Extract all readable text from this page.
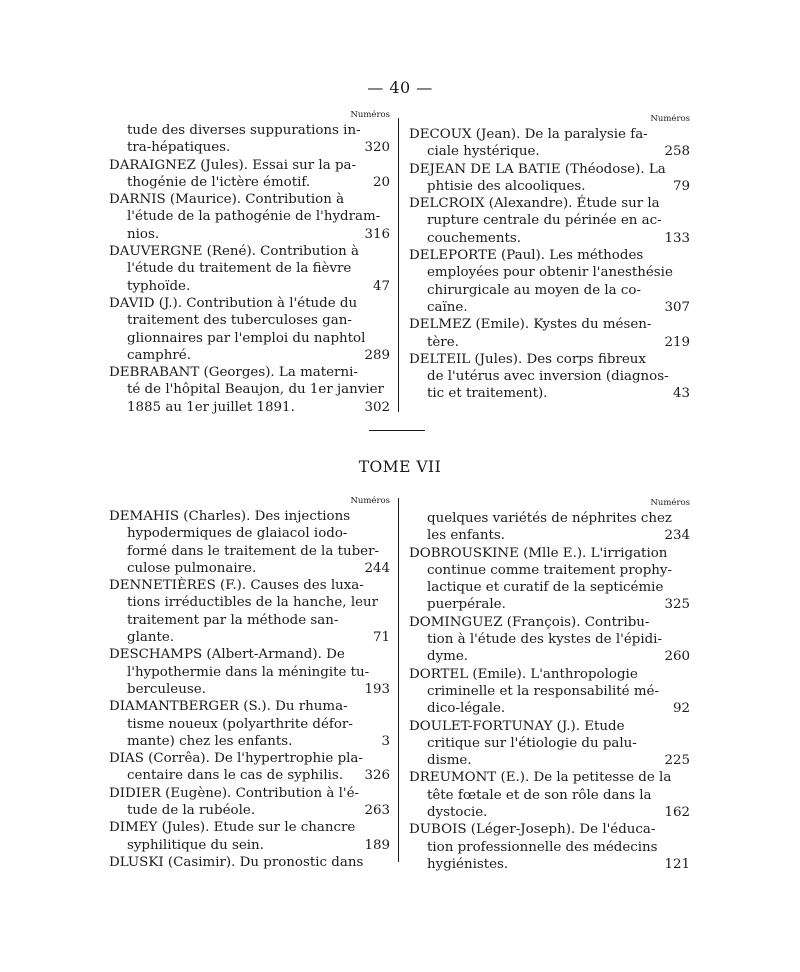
— 40 —
Numéros
tude des diverses suppurations in-
tra-hépatiques.	320
DARAIGNEZ (Jules). Essai sur la pa-
thogénie de l'ictère émotif.	20
DARNIS (Maurice). Contribution à
l'étude de la pathogénie de l'hydram-
nios.	316
DAUVERGNE (René). Contribution à
l'étude du traitement de la fièvre
typhoïde.	47
DAVID (J.). Contribution à l'étude du
traitement des tuberculoses gan-
glionnaires par l'emploi du naphtol
camphré.	289
DEBRABANT (Georges). La materni-
té de l'hôpital Beaujon, du 1er janvier
1885 au 1er juillet 1891.	302
Numéros
DECOUX (Jean). De la paralysie fa-
ciale hystérique.	258
DEJEAN DE LA BATIE (Théodose). La
phtisie des alcooliques.	79
DELCROIX (Alexandre). Étude sur la
rupture centrale du périnée en ac-
couchements.	133
DELEPORTE (Paul). Les méthodes
employées pour obtenir l'anesthésie
chirurgicale au moyen de la co-
caïne.	307
DELMEZ (Emile). Kystes du mésen-
tère.	219
DELTEIL (Jules). Des corps fibreux
de l'utérus avec inversion (diagnos-
tic et traitement).	43
TOME VII
Numéros
DEMAHIS (Charles). Des injections
hypodermiques de glaiacol iodo-
formé dans le traitement de la tuber-
culose pulmonaire.	244
DENNETIÈRES (F.). Causes des luxa-
tions irréductibles de la hanche, leur
traitement par la méthode san-
glante.	71
DESCHAMPS (Albert-Armand). De
l'hypothermie dans la méningite tu-
berculeuse.	193
DIAMANTBERGER (S.). Du rhuma-
tisme noueux (polyarthrite défor-
mante) chez les enfants.	3
DIAS (Corrêa). De l'hypertrophie pla-
centaire dans le cas de syphilis. 326
DIDIER (Eugène). Contribution à l'é-
tude de la rubéole.	263
DIMEY (Jules). Etude sur le chancre
syphilitique du sein.	189
DLUSKI (Casimir). Du pronostic dans
Numéros
quelques variétés de néphrites chez
les enfants.	234
DOBROUSKINE (Mlle E.). L'irrigation
continue comme traitement prophy-
lactique et curatif de la septicémie
puerpérale.	325
DOMINGUEZ (François). Contribu-
tion à l'étude des kystes de l'épidi-
dyme.	260
DORTEL (Emile). L'anthropologie
criminelle et la responsabilité mé-
dico-légale.	92
DOULET-FORTUNAY (J.). Etude
critique sur l'étiologie du palu-
disme.	225
DREUMONT (E.). De la petitesse de la
tête fœtale et de son rôle dans la
dystocie.	162
DUBOIS (Léger-Joseph). De l'éduca-
tion professionnelle des médecins
hygiénistes.	121
